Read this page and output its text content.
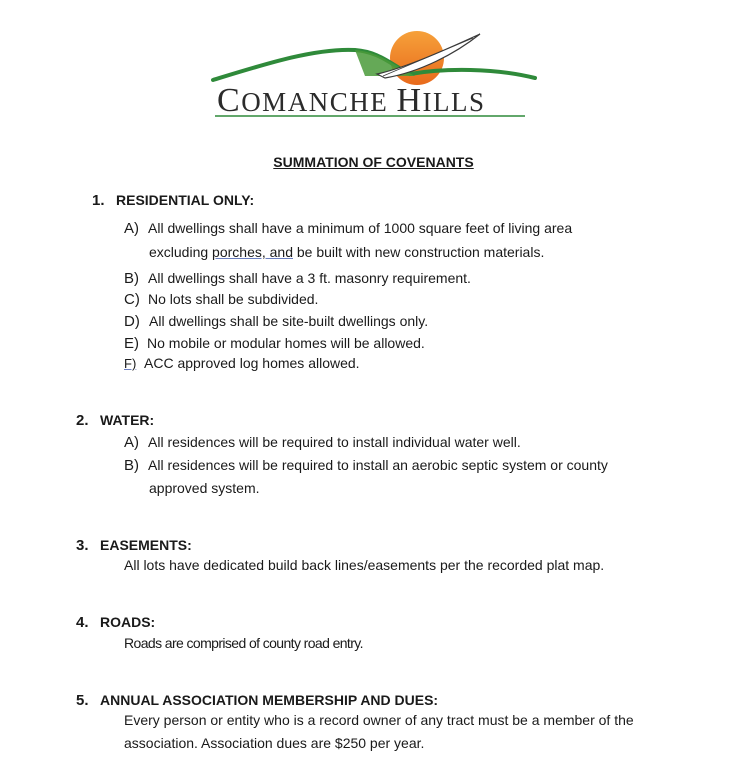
COMANCHE HILLS
SUMMATION OF COVENANTS
1. RESIDENTIAL ONLY:
A) All dwellings shall have a minimum of 1000 square feet of living area
excluding porches, and be built with new construction materials.
B) All dwellings shall have a 3 ft. masonry requirement.
C) No lots shall be subdivided.
D) All dwellings shall be site-built dwellings only.
E) No mobile or modular homes will be allowed.
F) ACC approved log homes allowed.
2. WATER:
A) All residences will be required to install individual water well.
B) All residences will be required to install an aerobic septic system or county
approved system.
3. EASEMENTS:
All lots have dedicated build back lines/easements per the recorded plat map.
4. ROADS:
Roads are comprised of county road entry.
5. ANNUAL ASSOCIATION MEMBERSHIP AND DUES:
Every person or entity who is a record owner of any tract must be a member of the
association. Association dues are $250 per year.
